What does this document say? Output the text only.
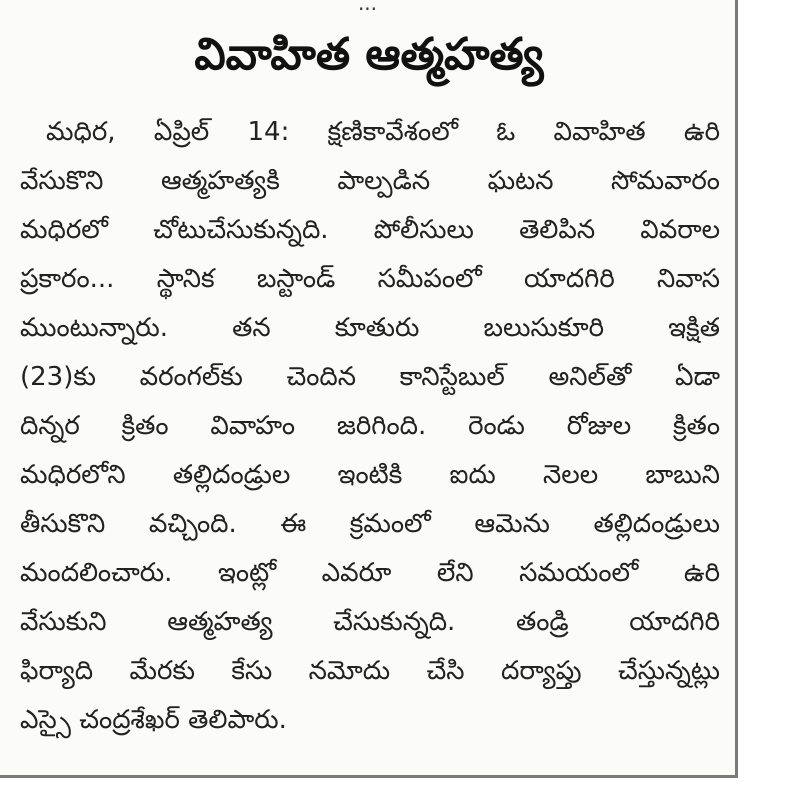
...
వివాహిత ఆత్మహత్య
మధిర, ఏప్రిల్ 14: క్షణికావేశంలో ఓ వివాహిత ఉరి
వేసుకొని ఆత్మహత్యకి పాల్పడిన ఘటన సోమవారం
మధిరలో చోటుచేసుకున్నది. పోలీసులు తెలిపిన వివరాల
ప్రకారం... స్థానిక బస్టాండ్ సమీపంలో యాదగిరి నివాస
ముంటున్నారు. తన కూతురు బలుసుకూరి ఇక్షిత
(23)కు వరంగల్‌కు చెందిన కానిస్టేబుల్ అనిల్‌తో ఏడా
దిన్నర క్రితం వివాహం జరిగింది. రెండు రోజుల క్రితం
మధిరలోని తల్లిదండ్రుల ఇంటికి ఐదు నెలల బాబుని
తీసుకొని వచ్చింది. ఈ క్రమంలో ఆమెను తల్లిదండ్రులు
మందలించారు. ఇంట్లో ఎవరూ లేని సమయంలో ఉరి
వేసుకుని ఆత్మహత్య చేసుకున్నది. తండ్రి యాదగిరి
ఫిర్యాది మేరకు కేసు నమోదు చేసి దర్యాప్తు చేస్తున్నట్లు
ఎస్సై చంద్రశేఖర్ తెలిపారు.
